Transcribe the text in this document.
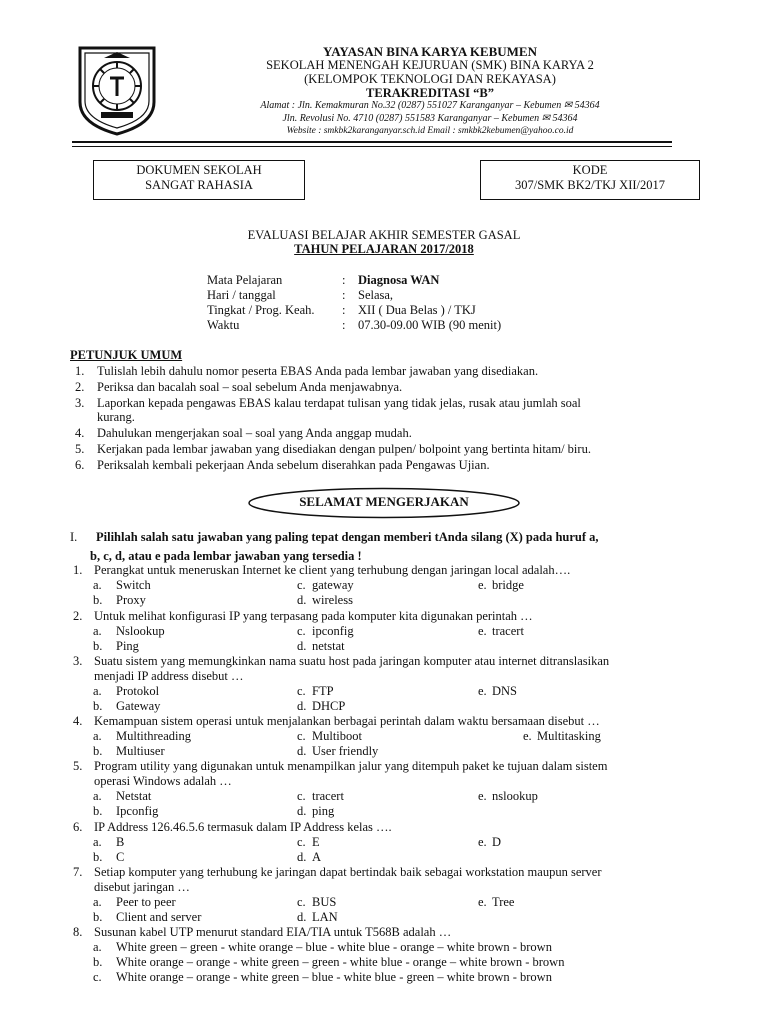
YAYASAN BINA KARYA KEBUMEN
SEKOLAH MENENGAH KEJURUAN (SMK) BINA KARYA 2
(KELOMPOK TEKNOLOGI DAN REKAYASA)
TERAKREDITASI “B”
Alamat : Jln. Kemakmuran No.32 (0287) 551027 Karanganyar – Kebumen ✉ 54364
Jln. Revolusi No. 4710 (0287) 551583 Karanganyar – Kebumen ✉ 54364
Website : smkbk2karanganyar.sch.id Email : smkbk2kebumen@yahoo.co.id
DOKUMEN SEKOLAH
SANGAT RAHASIA
KODE
307/SMK BK2/TKJ XII/2017
EVALUASI BELAJAR AKHIR SEMESTER GASAL
TAHUN PELAJARAN 2017/2018
Mata Pelajaran	: Diagnosa WAN
Hari / tanggal	: Selasa,
Tingkat / Prog. Keah. : XII ( Dua Belas ) / TKJ
Waktu	: 07.30-09.00 WIB (90 menit)
PETUNJUK UMUM
1. Tulislah lebih dahulu nomor peserta EBAS Anda pada lembar jawaban yang disediakan.
2. Periksa dan bacalah soal – soal sebelum Anda menjawabnya.
3. Laporkan kepada pengawas EBAS kalau terdapat tulisan yang tidak jelas, rusak atau jumlah soal
kurang.
4. Dahulukan mengerjakan soal – soal yang Anda anggap mudah.
5. Kerjakan pada lembar jawaban yang disediakan dengan pulpen/ bolpoint yang bertinta hitam/ biru.
6. Periksalah kembali pekerjaan Anda sebelum diserahkan pada Pengawas Ujian.
SELAMAT MENGERJAKAN
I. Pilihlah salah satu jawaban yang paling tepat dengan memberi tAnda silang (X) pada huruf a,
b, c, d, atau e pada lembar jawaban yang tersedia !
1. Perangkat untuk meneruskan Internet ke client yang terhubung dengan jaringan local adalah….
a. Switch	c. gateway	e. bridge
b. Proxy	d. wireless
2. Untuk melihat konfigurasi IP yang terpasang pada komputer kita digunakan perintah …
a. Nslookup	c. ipconfig	e. tracert
b. Ping	d. netstat
3. Suatu sistem yang memungkinkan nama suatu host pada jaringan komputer atau internet ditranslasikan
menjadi IP address disebut …
a. Protokol	c. FTP	e. DNS
b. Gateway	d. DHCP
4. Kemampuan sistem operasi untuk menjalankan berbagai perintah dalam waktu bersamaan disebut …
a. Multithreading	c. Multiboot	e. Multitasking
b. Multiuser	d. User friendly
5. Program utility yang digunakan untuk menampilkan jalur yang ditempuh paket ke tujuan dalam sistem
operasi Windows adalah …
a. Netstat	c. tracert	e. nslookup
b. Ipconfig	d. ping
6. IP Address 126.46.5.6 termasuk dalam IP Address kelas ….
a. B	c. E	e. D
b. C	d. A
7. Setiap komputer yang terhubung ke jaringan dapat bertindak baik sebagai workstation maupun server
disebut jaringan …
a. Peer to peer	c. BUS	e. Tree
b. Client and server	d. LAN
8. Susunan kabel UTP menurut standard EIA/TIA untuk T568B adalah …
a. White green – green - white orange – blue - white blue - orange – white brown - brown
b. White orange – orange - white green – green - white blue - orange – white brown - brown
c. White orange – orange - white green – blue - white blue - green – white brown - brown
